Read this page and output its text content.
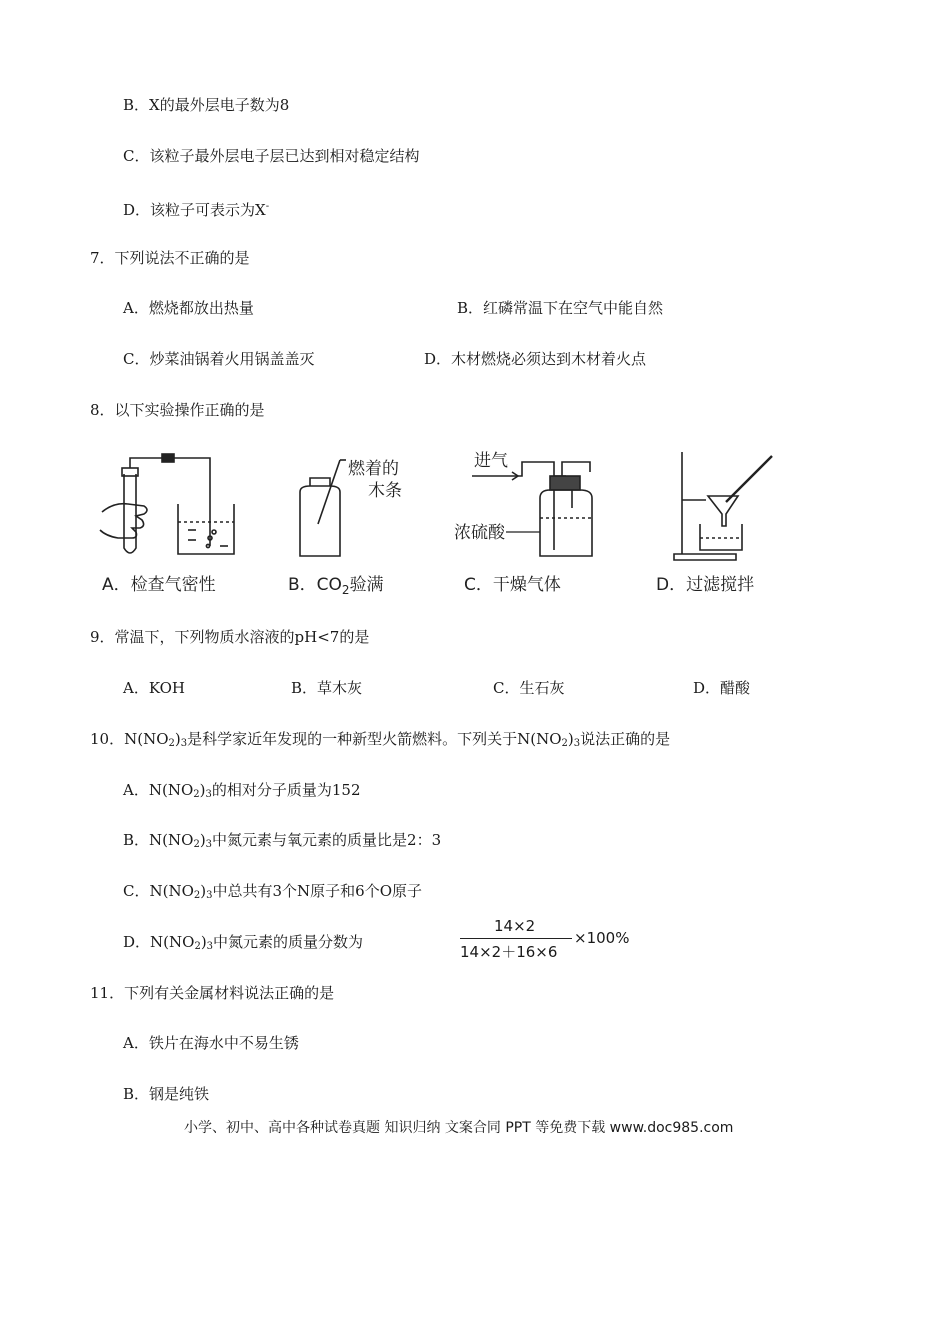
B．X的最外层电子数为8
C．该粒子最外层电子层已达到相对稳定结构
D．该粒子可表示为X-
7．下列说法不正确的是
A．燃烧都放出热量	B．红磷常温下在空气中能自然
C．炒菜油锅着火用锅盖盖灭	D．木材燃烧必须达到木材着火点
8．以下实验操作正确的是
燃着的
木条
进气
浓硫酸
A．检查气密性	B．$CO_2$验满	C．干燥气体	D．过滤搅拌
9．常温下，下列物质水溶液的pH<7的是
A．KOH	B．草木灰	C．生石灰	D．醋酸
10．$N(NO_2)_3$是科学家近年发现的一种新型火箭燃料。下列关于$N(NO_2)_3$说法正确的是
A．$N(NO_2)_3$的相对分子质量为152
B．$N(NO_2)_3$中氮元素与氧元素的质量比是2：3
C．$N(NO_2)_3$中总共有3个N原子和6个O原子
D．$N(NO_2)_3$中氮元素的质量分数为
14×2
14×2＋16×6
×100%
11．下列有关金属材料说法正确的是
A．铁片在海水中不易生锈
B．钢是纯铁
小学、初中、高中各种试卷真题 知识归纳 文案合同 PPT 等免费下载 www.doc985.com
